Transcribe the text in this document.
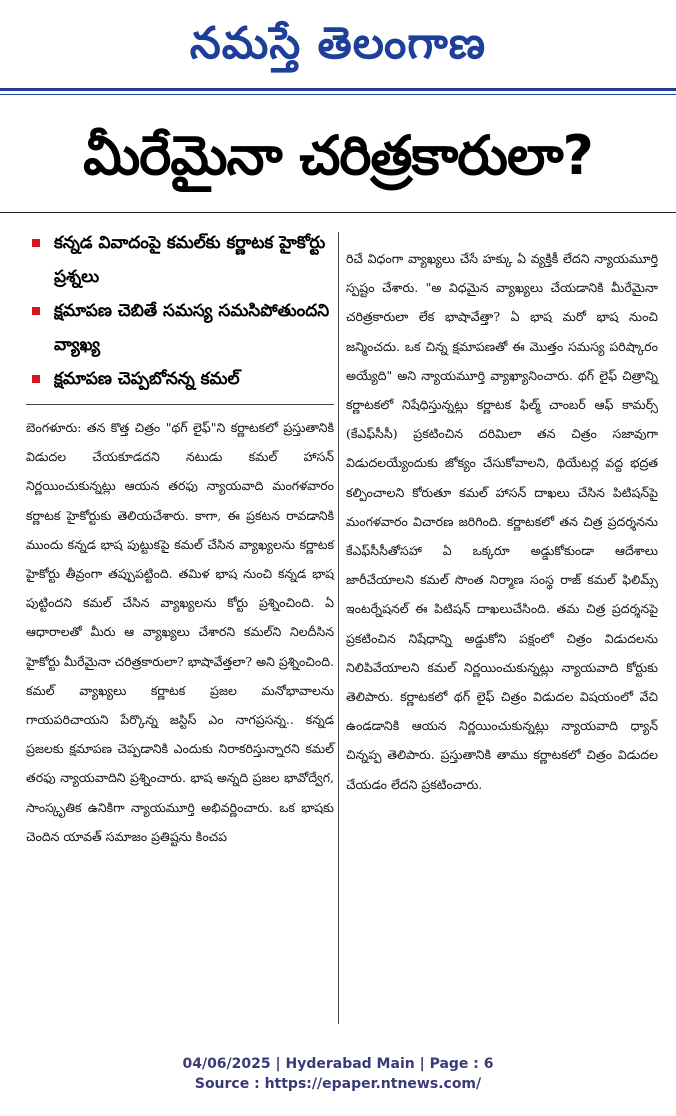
నమస్తే తెలంగాణ
మీరేమైనా చరిత్రకారులా?
కన్నడ వివాదంపై కమల్‌కు కర్ణాటక హైకోర్టు ప్రశ్నలు
క్షమాపణ చెబితే సమస్య సమసిపోతుందని వ్యాఖ్య
క్షమాపణ చెప్పబోనన్న కమల్
బెంగళూరు: తన కొత్త చిత్రం "థగ్ లైఫ్"ని కర్ణాటకలో ప్రస్తుతానికి విడుదల చేయకూడదని నటుడు కమల్ హాసన్ నిర్ణయించుకున్నట్లు ఆయన తరఫు న్యాయవాది మంగళవారం కర్ణాటక హైకోర్టుకు తెలియచేశారు. కాగా, ఈ ప్రకటన రావడానికి ముందు కన్నడ భాష పుట్టుకపై కమల్ చేసిన వ్యాఖ్యలను కర్ణాటక హైకోర్టు తీవ్రంగా తప్పుపట్టింది. తమిళ భాష నుంచి కన్నడ భాష పుట్టిందని కమల్ చేసిన వ్యాఖ్యలను కోర్టు ప్రశ్నించింది. ఏ ఆధారాలతో మీరు ఆ వ్యాఖ్యలు చేశారని కమల్‌ని నిలదీసిన హైకోర్టు మీరేమైనా చరిత్రకారులా? భాషావేత్తలా? అని ప్రశ్నించింది. కమల్ వ్యాఖ్యలు కర్ణాటక ప్రజల మనోభావాలను గాయపరిచాయని పేర్కొన్న జస్టిస్ ఎం నాగప్రసన్న.. కన్నడ ప్రజలకు క్షమాపణ చెప్పడానికి ఎందుకు నిరాకరిస్తున్నారని కమల్ తరఫు న్యాయవాదిని ప్రశ్నించారు. భాష అన్నది ప్రజల భావోద్వేగ, సాంస్కృతిక ఉనికిగా న్యాయమూర్తి అభివర్ణించారు. ఒక భాషకు చెందిన యావత్ సమాజం ప్రతిష్టను కించప
రిచే విధంగా వ్యాఖ్యలు చేసే హక్కు ఏ వ్యక్తికీ లేదని న్యాయమూర్తి స్పష్టం చేశారు. "అ విధమైన వ్యాఖ్యలు చేయడానికి మీరేమైనా చరిత్రకారులా లేక భాషావేత్తా? ఏ భాష మరో భాష నుంచి జన్మించదు. ఒక చిన్న క్షమాపణతో ఈ మొత్తం సమస్య పరిష్కారం అయ్యేది" అని న్యాయమూర్తి వ్యాఖ్యానించారు. థగ్ లైఫ్ చిత్రాన్ని కర్ణాటకలో నిషేధిస్తున్నట్లు కర్ణాటక ఫిల్మ్ చాంబర్ ఆఫ్ కామర్స్ (కేఎఫ్‌సీసీ) ప్రకటించిన దరిమిలా తన చిత్రం సజావుగా విడుదలయ్యేందుకు జోక్యం చేసుకోవాలని, థియేటర్ల వద్ద భద్రత కల్పించాలని కోరుతూ కమల్ హాసన్ దాఖలు చేసిన పిటిషన్‌పై మంగళవారం విచారణ జరిగింది. కర్ణాటకలో తన చిత్ర ప్రదర్శనను కేఎఫ్‌సీసీతోసహా ఏ ఒక్కరూ అడ్డుకోకుండా ఆదేశాలు జారీచేయాలని కమల్ సొంత నిర్మాణ సంస్థ రాజ్ కమల్ ఫిలిమ్స్ ఇంటర్నేషనల్ ఈ పిటిషన్ దాఖలుచేసింది. తమ చిత్ర ప్రదర్శనపై ప్రకటించిన నిషేధాన్ని అడ్డుకోని పక్షంలో చిత్రం విడుదలను నిలిపివేయాలని కమల్ నిర్ణయించుకున్నట్లు న్యాయవాది కోర్టుకు తెలిపారు. కర్ణాటకలో థగ్ లైఫ్ చిత్రం విడుదల విషయంలో వేచి ఉండడానికి ఆయన నిర్ణయించుకున్నట్లు న్యాయవాది ధ్యాన్ చిన్నప్ప తెలిపారు. ప్రస్తుతానికి తాము కర్ణాటకలో చిత్రం విడుదల చేయడం లేదని ప్రకటించారు.
04/06/2025 | Hyderabad Main | Page : 6
Source : https://epaper.ntnews.com/
